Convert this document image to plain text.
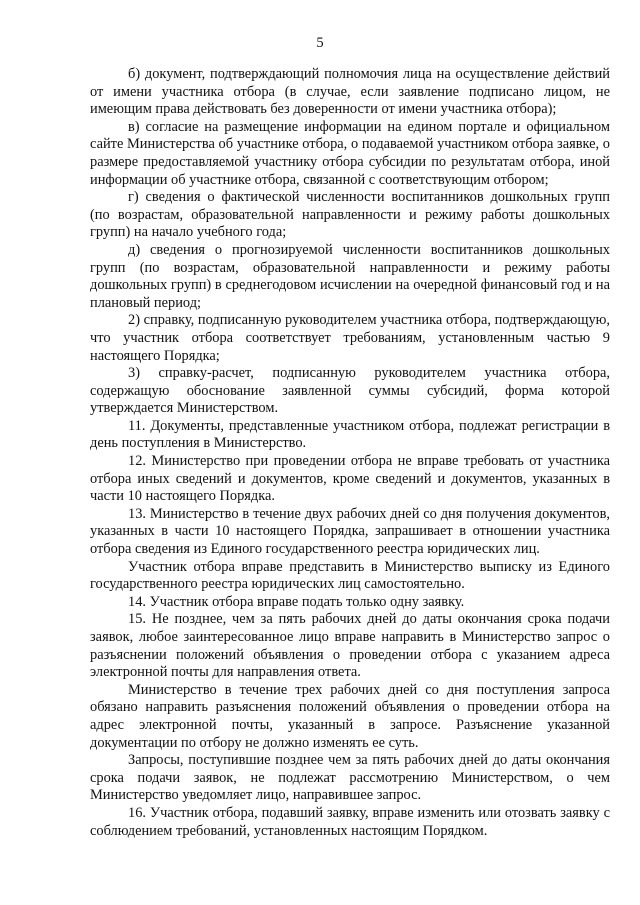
5

б) документ, подтверждающий полномочия лица на осуществление действий от имени участника отбора (в случае, если заявление подписано лицом, не имеющим права действовать без доверенности от имени участника отбора);

в) согласие на размещение информации на едином портале и официальном сайте Министерства об участнике отбора, о подаваемой участником отбора заявке, о размере предоставляемой участнику отбора субсидии по результатам отбора, иной информации об участнике отбора, связанной с соответствующим отбором;

г) сведения о фактической численности воспитанников дошкольных групп (по возрастам, образовательной направленности и режиму работы дошкольных групп) на начало учебного года;

д) сведения о прогнозируемой численности воспитанников дошкольных групп (по возрастам, образовательной направленности и режиму работы дошкольных групп) в среднегодовом исчислении на очередной финансовый год и на плановый период;

2) справку, подписанную руководителем участника отбора, подтверждающую, что участник отбора соответствует требованиям, установленным частью 9 настоящего Порядка;

3) справку-расчет, подписанную руководителем участника отбора, содержащую обоснование заявленной суммы субсидий, форма которой утверждается Министерством.

11. Документы, представленные участником отбора, подлежат регистрации в день поступления в Министерство.

12. Министерство при проведении отбора не вправе требовать от участника отбора иных сведений и документов, кроме сведений и документов, указанных в части 10 настоящего Порядка.

13. Министерство в течение двух рабочих дней со дня получения документов, указанных в части 10 настоящего Порядка, запрашивает в отношении участника отбора сведения из Единого государственного реестра юридических лиц.

Участник отбора вправе представить в Министерство выписку из Единого государственного реестра юридических лиц самостоятельно.

14. Участник отбора вправе подать только одну заявку.

15. Не позднее, чем за пять рабочих дней до даты окончания срока подачи заявок, любое заинтересованное лицо вправе направить в Министерство запрос о разъяснении положений объявления о проведении отбора с указанием адреса электронной почты для направления ответа.

Министерство в течение трех рабочих дней со дня поступления запроса обязано направить разъяснения положений объявления о проведении отбора на адрес электронной почты, указанный в запросе. Разъяснение указанной документации по отбору не должно изменять ее суть.

Запросы, поступившие позднее чем за пять рабочих дней до даты окончания срока подачи заявок, не подлежат рассмотрению Министерством, о чем Министерство уведомляет лицо, направившее запрос.

16. Участник отбора, подавший заявку, вправе изменить или отозвать заявку с соблюдением требований, установленных настоящим Порядком.
